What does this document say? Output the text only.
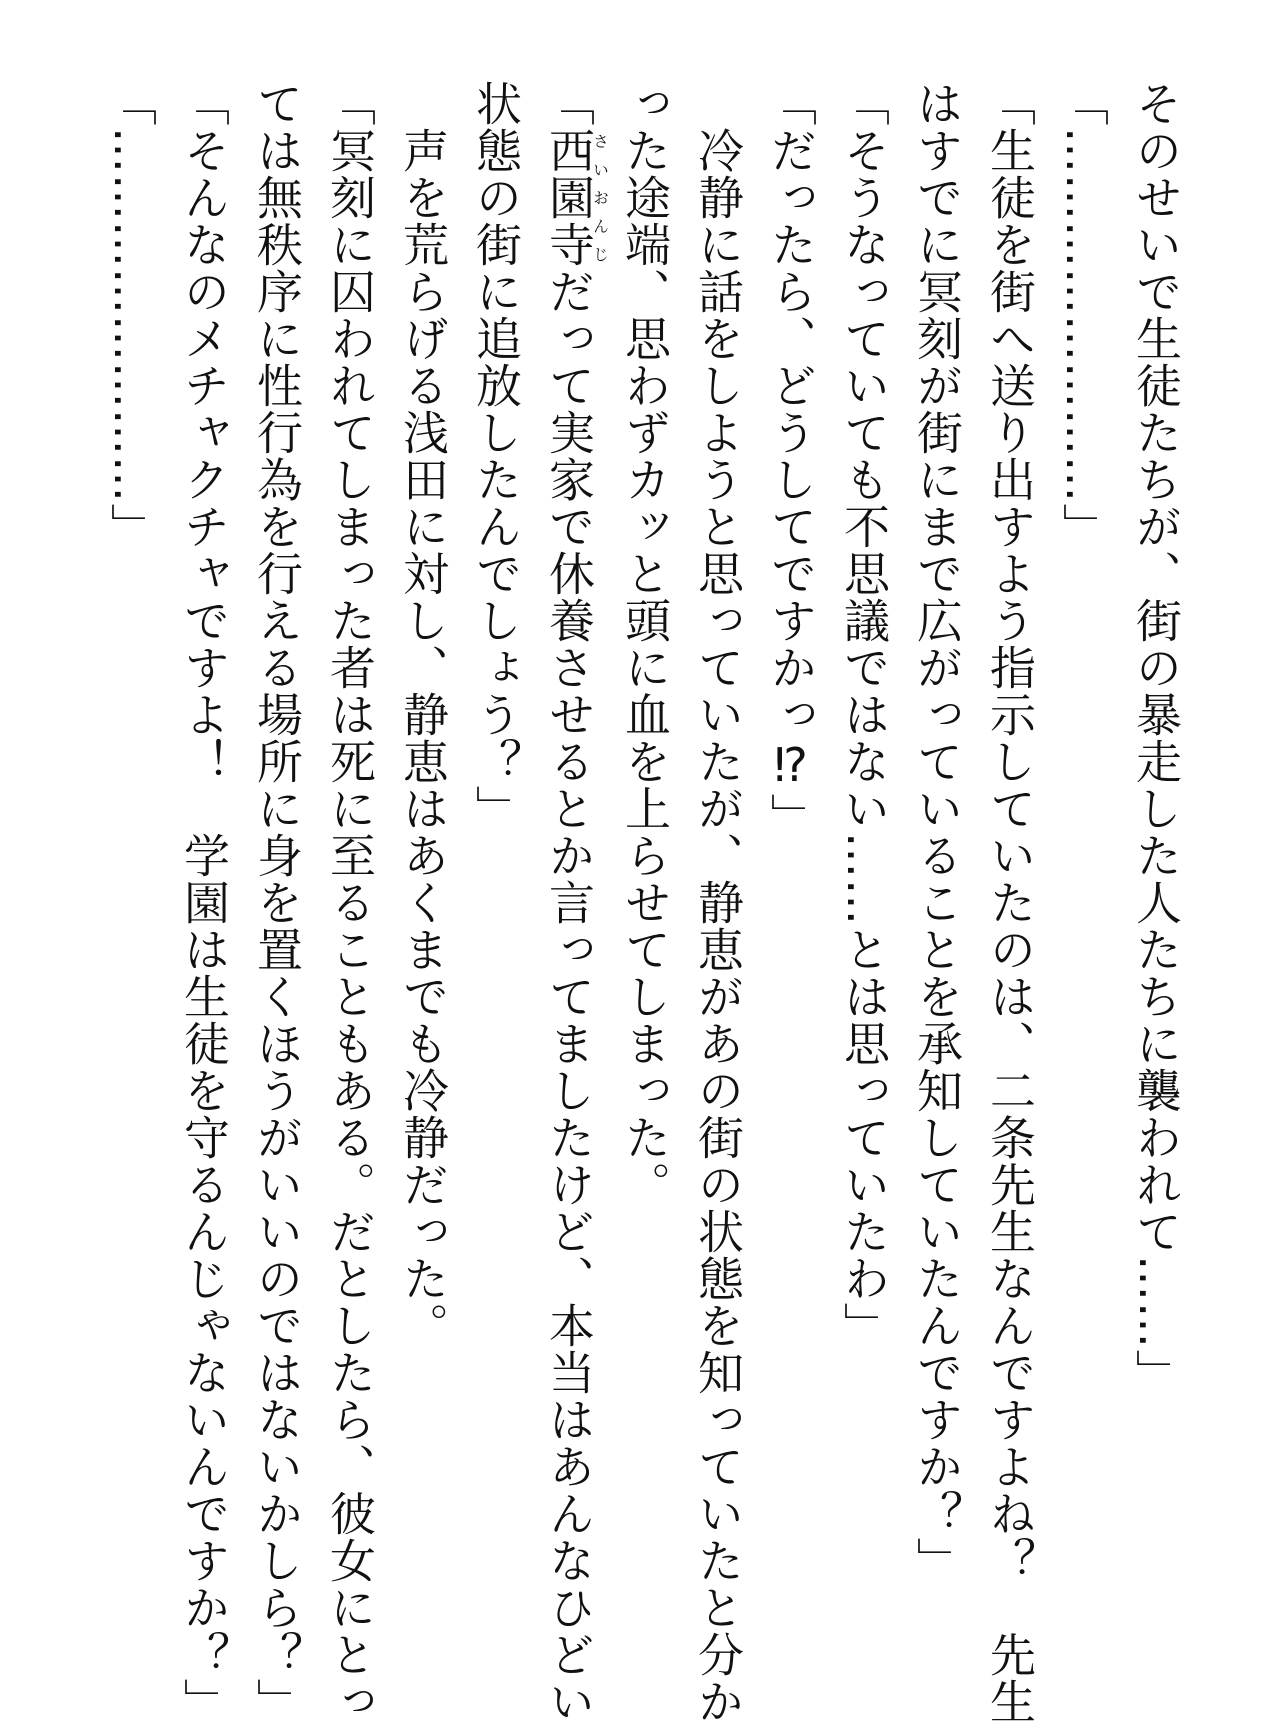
そのせいで生徒たちが、街の暴走した人たちに襲われて……」

「……………………」

「生徒を街へ送り出すよう指示していたのは、二条先生なんですよね？　先生

はすでに冥刻が街にまで広がっていることを承知していたんですか？」

「そうなっていても不思議ではない……とは思っていたわ」

「だったら、どうしてですかっ⁉」

　冷静に話をしようと思っていたが、静恵があの街の状態を知っていたと分か

った途端、思わずカッと頭に血を上らせてしまった。

「西園寺さいおんじだって実家で休養させるとか言ってましたけど、本当はあんなひどい

状態の街に追放したんでしょう？」

　声を荒らげる浅田に対し、静恵はあくまでも冷静だった。

「冥刻に囚われてしまった者は死に至ることもある。だとしたら、彼女にとっ

ては無秩序に性行為を行える場所に身を置くほうがいいのではないかしら？」

「そんなのメチャクチャですよ！　学園は生徒を守るんじゃないんですか？」

「……………………」
